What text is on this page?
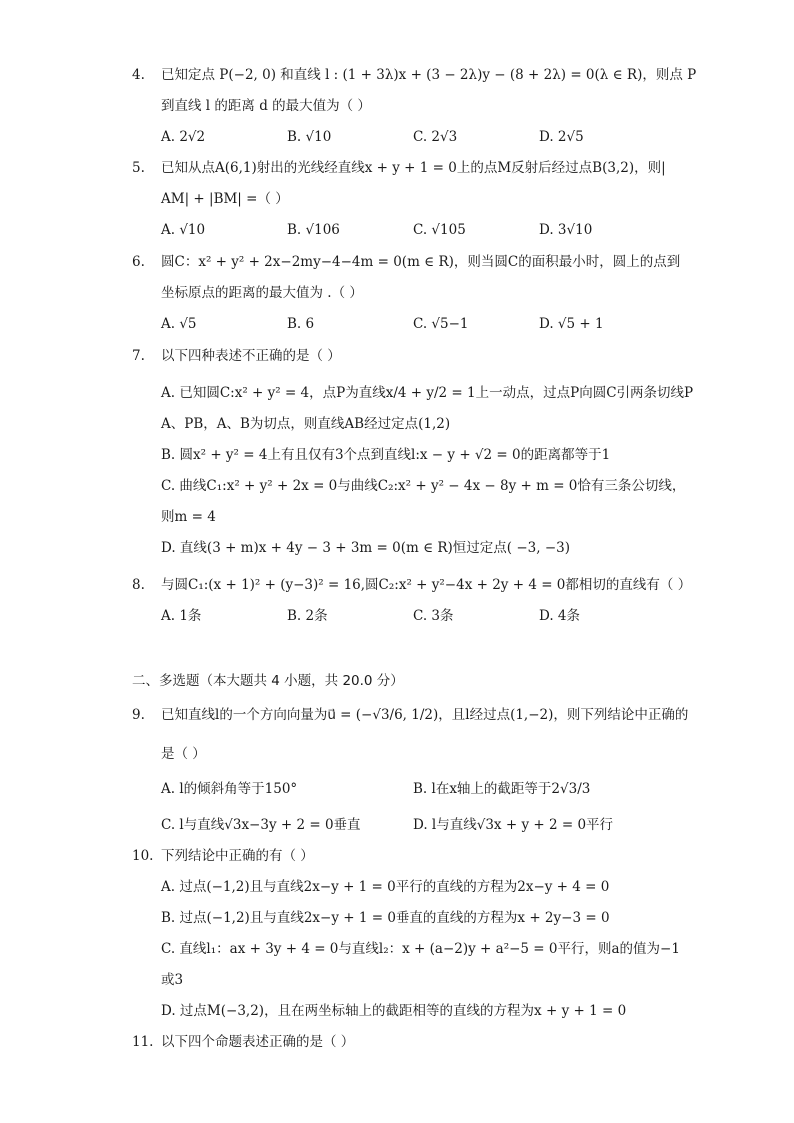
4. 已知定点 P(−2, 0) 和直线 l : (1 + 3λ)x + (3 − 2λ)y − (8 + 2λ) = 0(λ ∈ R)，则点 P
到直线 l 的距离 d 的最大值为（ ）
A. 2√2	B. √10	C. 2√3	D. 2√5
5. 已知从点A(6,1)射出的光线经直线x + y + 1 = 0上的点M反射后经过点B(3,2)，则|
AM| + |BM| =（ ）
A. √10	B. √106	C. √105	D. 3√10
6. 圆C：x² + y² + 2x−2my−4−4m = 0(m ∈ R)，则当圆C的面积最小时，圆上的点到
坐标原点的距离的最大值为 .（ ）
A. √5	B. 6	C. √5−1	D. √5 + 1
7. 以下四种表述不正确的是（ ）
A. 已知圆C:x² + y² = 4，点P为直线x/4 + y/2 = 1上一动点，过点P向圆C引两条切线P
A、PB，A、B为切点，则直线AB经过定点(1,2)
B. 圆x² + y² = 4上有且仅有3个点到直线l:x − y + √2 = 0的距离都等于1
C. 曲线C₁:x² + y² + 2x = 0与曲线C₂:x² + y² − 4x − 8y + m = 0恰有三条公切线，
则m = 4
D. 直线(3 + m)x + 4y − 3 + 3m = 0(m ∈ R)恒过定点( −3, −3)
8. 与圆C₁:(x + 1)² + (y−3)² = 16,圆C₂:x² + y²−4x + 2y + 4 = 0都相切的直线有（ ）
A. 1条	B. 2条	C. 3条	D. 4条
二、多选题（本大题共 4 小题，共 20.0 分）
9. 已知直线l的一个方向向量为u⃗ = (−√3/6, 1/2)，且l经过点(1,−2)，则下列结论中正确的
是（ ）
A. l的倾斜角等于150°	B. l在x轴上的截距等于2√3/3
C. l与直线√3x−3y + 2 = 0垂直	D. l与直线√3x + y + 2 = 0平行
10. 下列结论中正确的有（ ）
A. 过点(−1,2)且与直线2x−y + 1 = 0平行的直线的方程为2x−y + 4 = 0
B. 过点(−1,2)且与直线2x−y + 1 = 0垂直的直线的方程为x + 2y−3 = 0
C. 直线l₁：ax + 3y + 4 = 0与直线l₂：x + (a−2)y + a²−5 = 0平行，则a的值为−1
或3
D. 过点M(−3,2)，且在两坐标轴上的截距相等的直线的方程为x + y + 1 = 0
11. 以下四个命题表述正确的是（ ）
